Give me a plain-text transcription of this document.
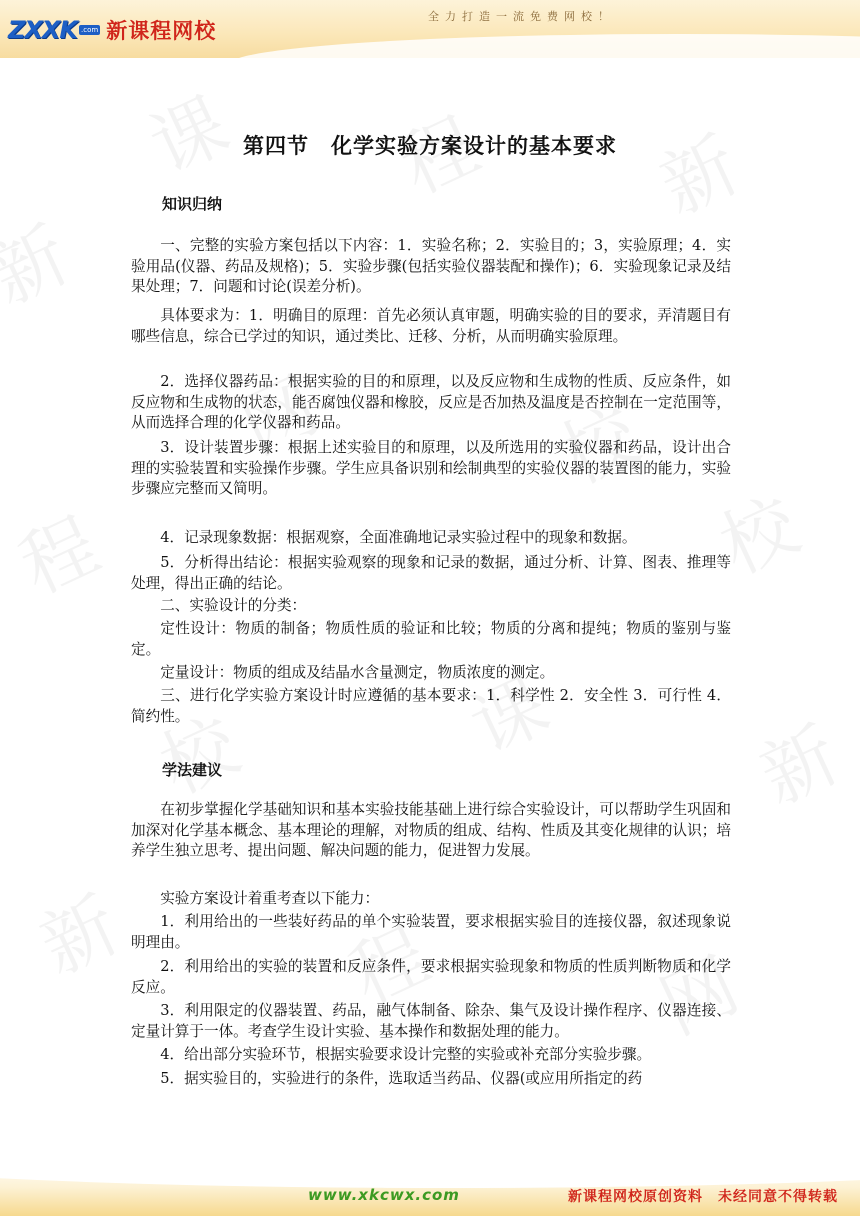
ZXXK .com 新课程网校
全力打造一流免费网校！
第四节　化学实验方案设计的基本要求
知识归纳

一、完整的实验方案包括以下内容：1．实验名称；2．实验目的；3，实验原理；4．实验用品(仪器、药品及规格)；5．实验步骤(包括实验仪器装配和操作)；6．实验现象记录及结果处理；7．问题和讨论(误差分析)。

具体要求为：1．明确目的原理：首先必须认真审题，明确实验的目的要求，弄清题目有哪些信息，综合已学过的知识，通过类比、迁移、分析，从而明确实验原理。

2．选择仪器药品：根据实验的目的和原理，以及反应物和生成物的性质、反应条件，如反应物和生成物的状态，能否腐蚀仪器和橡胶，反应是否加热及温度是否控制在一定范围等，从而选择合理的化学仪器和药品。

3．设计装置步骤：根据上述实验目的和原理，以及所选用的实验仪器和药品，设计出合理的实验装置和实验操作步骤。学生应具备识别和绘制典型的实验仪器的装置图的能力，实验步骤应完整而又简明。

4．记录现象数据：根据观察，全面准确地记录实验过程中的现象和数据。

5．分析得出结论：根据实验观察的现象和记录的数据，通过分析、计算、图表、推理等处理，得出正确的结论。

二、实验设计的分类：

定性设计：物质的制备；物质性质的验证和比较；物质的分离和提纯；物质的鉴别与鉴定。

定量设计：物质的组成及结晶水含量测定，物质浓度的测定。

三、进行化学实验方案设计时应遵循的基本要求：1．科学性 2．安全性 3．可行性 4．简约性。

学法建议

在初步掌握化学基础知识和基本实验技能基础上进行综合实验设计，可以帮助学生巩固和加深对化学基本概念、基本理论的理解，对物质的组成、结构、性质及其变化规律的认识；培养学生独立思考、提出问题、解决问题的能力，促进智力发展。

实验方案设计着重考查以下能力：

1．利用给出的一些装好药品的单个实验装置，要求根据实验目的连接仪器，叙述现象说明理由。

2．利用给出的实验的装置和反应条件，要求根据实验现象和物质的性质判断物质和化学反应。

3．利用限定的仪器装置、药品，融气体制备、除杂、集气及设计操作程序、仪器连接、定量计算于一体。考查学生设计实验、基本操作和数据处理的能力。

4．给出部分实验环节，根据实验要求设计完整的实验或补充部分实验步骤。

5．据实验目的，实验进行的条件，选取适当药品、仪器(或应用所指定的药

www.xkcwx.com	新课程网校原创资料　未经同意不得转载
